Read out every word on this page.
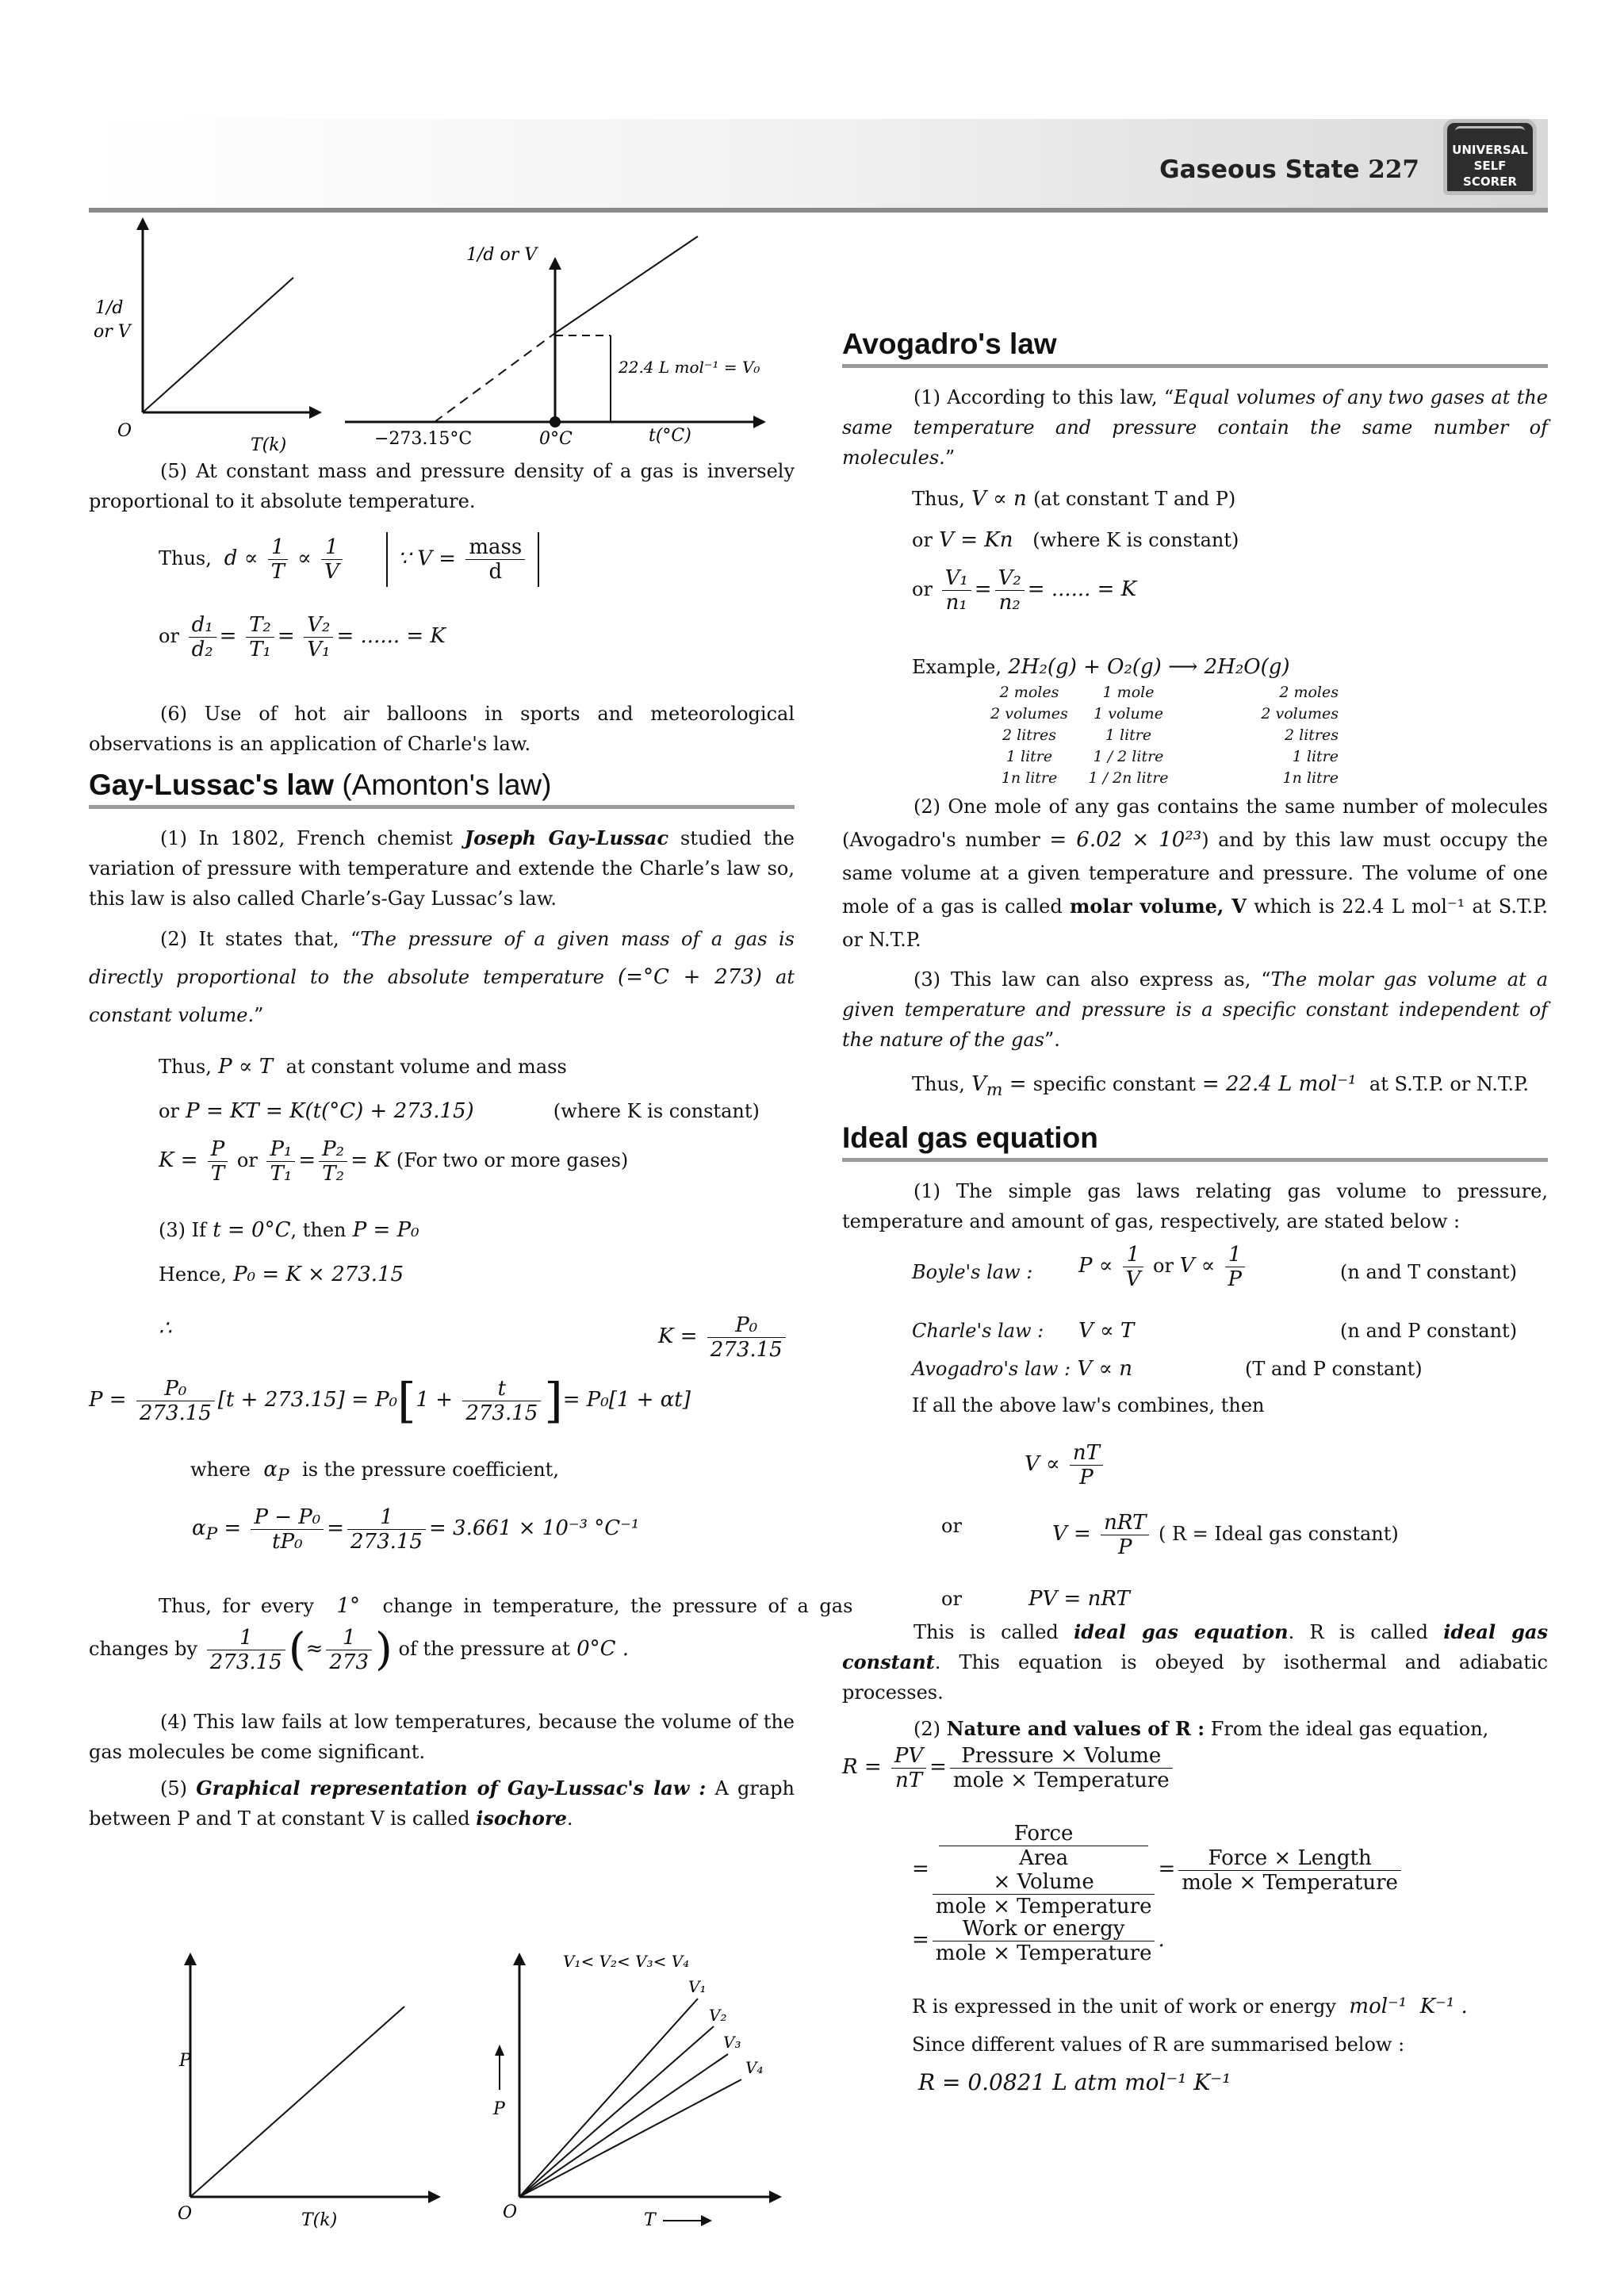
Gaseous State 227
UNIVERSAL
SELF SCORER
1/d
or V
O
T(k)
1/d or V
22.4 L mol⁻¹ = V₀
−273.15°C	0°C	t(°C)

(5) At constant mass and pressure density of a gas is inversely proportional to it absolute temperature.

Thus,  $d \propto \frac{1}{T} \propto \frac{1}{V}$	∵ $V = \frac{\text{mass}}{d}$
or $\frac{\text{d₁}}{\text{d₂}} = \frac{\text{T₂}}{\text{T₁}} = \frac{\text{V₂}}{\text{V₁}}$ = ...... = K

(6) Use of hot air balloons in sports and meteorological observations is an application of Charle's law.

Gay-Lussac's law (Amonton's law)

(1) In 1802, French chemist Joseph Gay-Lussac studied the variation of pressure with temperature and extende the Charle’s law so, this law is also called Charle’s-Gay Lussac’s law.

(2) It states that, “The pressure of a given mass of a gas is directly proportional to the absolute temperature (=°C + 273) at constant volume.”

Thus, P ∝ T  at constant volume and mass
or P = KT = K(t(°C) + 273.15)	(where K is constant)
$K = \frac{P}{T}$ or $\frac{\text{P₁}}{\text{T₁}} = \frac{\text{P₂}}{\text{T₂}} = K$ (For two or more gases)
(3) If t = 0°C, then P = P₀
Hence, P₀ = K × 273.15
∴	$K = \frac{\text{P₀}}{273.15}$
$P = \frac{\text{P₀}}{273.15} [t + 273.15] = P_0[1 + \frac{t}{273.15}$ ]= P₀[1 + αt]
where  $\alpha_P$ is the pressure coefficient,
$\alpha_P = \frac{\text{P − P₀}}{\text{tP₀}} = \frac{1}{273.15} = 3.661 \times 10^{-3}$ °C⁻¹
Thus, for every  1°  change in temperature, the pressure of a gas
changes by $\frac{1}{273.15}$ (≈ $\frac{1}{273}$ ) of the pressure at 0°C .

(4) This law fails at low temperatures, because the volume of the gas molecules be come significant.

(5) Graphical representation of Gay-Lussac's law : A graph between P and T at constant V is called isochore.

P
O	T(k)
V₁< V₂< V₃< V₄
V₁
V₂
V₃
V₄
P
O	T
Avogadro's law

(1) According to this law, “Equal volumes of any two gases at the same temperature and pressure contain the same number of molecules.”

Thus, V ∝ n (at constant T and P)
or V = Kn   (where K is constant)
or $\frac{\text{V₁}}{\text{n₁}} = \frac{\text{V₂}}{\text{n₂}}$ = ...... = K
Example, 2H₂(g) + O₂(g) ⟶ 2H₂O(g)
2 moles	1 mole	2 moles
2 volumes	1 volume	2 volumes
2 litres	1 litre	2 litres
1 litre	1 / 2 litre	1 litre
1n litre	1 / 2n litre	1n litre

(2) One mole of any gas contains the same number of molecules (Avogadro's number = 6.02 × 10²³) and by this law must occupy the same volume at a given temperature and pressure. The volume of one mole of a gas is called molar volume, V which is 22.4 L mol⁻¹ at S.T.P. or N.T.P.

(3) This law can also express as, “The molar gas volume at a given temperature and pressure is a specific constant independent of the nature of the gas”.

Thus, $V_m$ = specific constant = 22.4 L mol⁻¹  at S.T.P. or N.T.P.
Ideal gas equation

(1) The simple gas laws relating gas volume to pressure, temperature and amount of gas, respectively, are stated below :

Boyle's law : $P \propto \frac{1}{V}$ or $V \propto \frac{1}{P}$	(n and T constant)
Charle's law : V ∝ T	(n and P constant)
Avogadro's law : V ∝ n	(T and P constant)
If all the above law's combines, then
$V \propto \frac{nT}{P}$
or	$V = \frac{\text{nRT}}{P}$ ( R = Ideal gas constant)
or	PV = nRT

This is called ideal gas equation. R is called ideal gas constant. This equation is obeyed by isothermal and adiabatic processes.

(2) Nature and values of R : From the ideal gas equation,

$R = \frac{PV}{nT} = \frac{\text{Pressure × Volume}}{\text{mole × Temperature}}$
= Force
Area
× Volume
mole × Temperature = $\frac{\text{Force × Length}}{\text{mole × Temperature}}$
= $\frac{\text{Work or energy}}{\text{mole × Temperature}}$ .
R is expressed in the unit of work or energy  mol⁻¹  K⁻¹ .
Since different values of R are summarised below :
R = 0.0821 L atm mol⁻¹ K⁻¹
